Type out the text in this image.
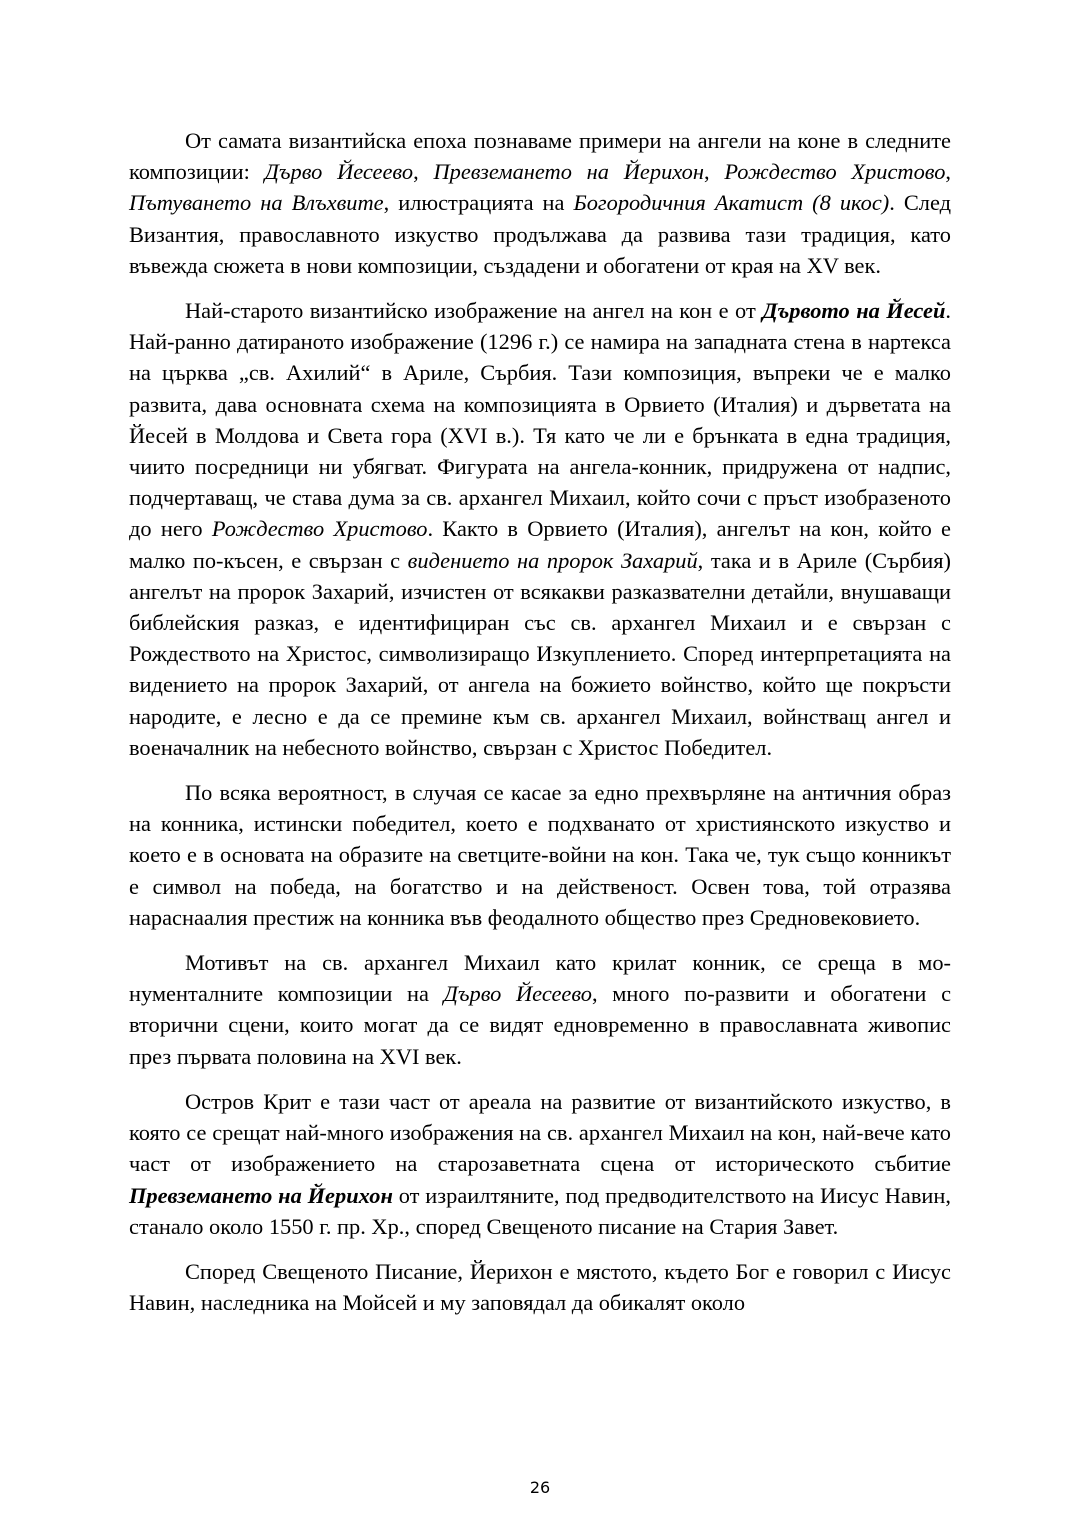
От самата византийска епоха познаваме примери на ангели на коне в следните композиции: Дърво Йесеево, Превземането на Йерихон, Рождество Христово, Пътуването на Влъхвите, илюстрацията на Богородичния Акатист (8 икос). След Византия, православното изкуство продължава да развива тази традиция, като въвежда сюжета в нови композиции, създадени и обогатени от края на XV век.

Най-старото византийско изображение на ангел на кон е от Дървото на Йесей. Най-ранно датираното изображение (1296 г.) се намира на западната стена в нартекса на църква „св. Ахилий“ в Ариле, Сърбия. Тази композиция, въпреки че е малко развита, дава основната схема на композицията в Орвието (Италия) и дърветата на Йесей в Молдова и Света гора (XVI в.). Тя като че ли е брънката в една традиция, чиито посредници ни убягват. Фигурата на ангела-конник, придружена от надпис, подчертаващ, че става дума за св. архангел Михаил, който сочи с пръст изобразеното до него Рождество Христово. Както в Орвието (Италия), ангелът на кон, който е малко по-късен, е свързан с видението на пророк Захарий, така и в Ариле (Сърбия) ангелът на пророк Захарий, изчистен от всякакви разказвателни детайли, внушаващи библейския разказ, е идентифициран със св. архангел Михаил и е свързан с Рождеството на Христос, символизиращо Изкуплението. Според интерпретацията на видението на пророк Захарий, от ангела на божието войнство, който ще покръсти народите, е лесно е да се премине към св. архангел Михаил, войнстващ ангел и военачалник на небесното войнство, свързан с Христос Победител.

По всяка вероятност, в случая се касае за едно прехвърляне на античния образ на конника, истински победител, което е подхванато от християнското изкуство и което е в основата на образите на светците-войни на кон. Така че, тук също конникът е символ на победа, на богатство и на действеност. Освен това, той отразява нараснаалия престиж на конника във феодалното общество през Средновековието.

Мотивът на св. архангел Михаил като крилат конник, се среща в монументалните композиции на Дърво Йесеево, много по-развити и обогатени с вторични сцени, които могат да се видят едновременно в православната живопис през първата половина на XVI век.

Остров Крит е тази част от ареала на развитие от византийското изкуство, в която се срещат най-много изображения на св. архангел Михаил на кон, най-вече като част от изображението на старозаветната сцена от историческото събитие Превземането на Йерихон от израилтяните, под предводителството на Иисус Навин, станало около 1550 г. пр. Хр., според Свещеното писание на Стария Завет.

Според Свещеното Писание, Йерихон е мястото, където Бог е говорил с Иисус Навин, наследника на Мойсей и му заповядал да обикалят около

26
